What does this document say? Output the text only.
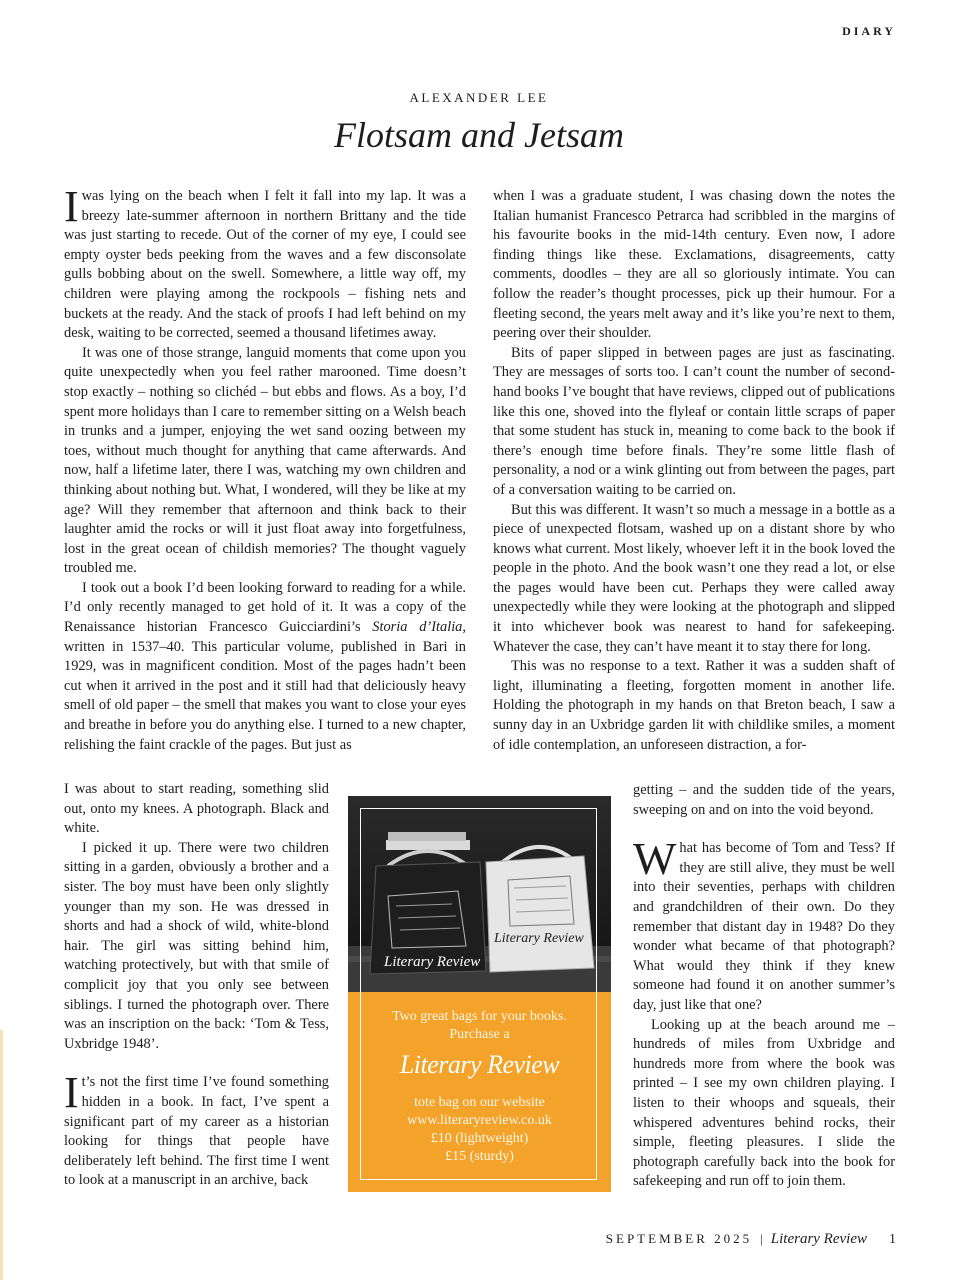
DIARY
ALEXANDER LEE
Flotsam and Jetsam

Iwas lying on the beach when I felt it fall into my lap. It was a breezy late-summer afternoon in northern Brittany and the tide was just starting to recede. Out of the corner of my eye, I could see empty oyster beds peeking from the waves and a few disconsolate gulls bobbing about on the swell. Somewhere, a little way off, my children were playing among the rockpools – fishing nets and buckets at the ready. And the stack of proofs I had left behind on my desk, waiting to be corrected, seemed a thousand lifetimes away.

It was one of those strange, languid moments that come upon you quite unexpectedly when you feel rather marooned. Time doesn’t stop exactly – nothing so clichéd – but ebbs and flows. As a boy, I’d spent more holidays than I care to remember sitting on a Welsh beach in trunks and a jumper, enjoying the wet sand oozing between my toes, without much thought for anything that came afterwards. And now, half a lifetime later, there I was, watching my own children and thinking about nothing but. What, I wondered, will they be like at my age? Will they remember that afternoon and think back to their laughter amid the rocks or will it just float away into forgetfulness, lost in the great ocean of childish memories? The thought vaguely troubled me.

I took out a book I’d been looking forward to reading for a while. I’d only recently managed to get hold of it. It was a copy of the Renaissance historian Francesco Guicciardini’s Storia d’Italia, written in 1537–40. This particular volume, published in Bari in 1929, was in magnificent condition. Most of the pages hadn’t been cut when it arrived in the post and it still had that deliciously heavy smell of old paper – the smell that makes you want to close your eyes and breathe in before you do anything else. I turned to a new chapter, relishing the faint crackle of the pages. But just as

I was about to start reading, something slid out, onto my knees. A photograph. Black and white.

I picked it up. There were two children sitting in a garden, obviously a brother and a sister. The boy must have been only slightly younger than my son. He was dressed in shorts and had a shock of wild, white-blond hair. The girl was sitting behind him, watching protectively, but with that smile of complicit joy that you only see between siblings. I turned the photograph over. There was an inscription on the back: ‘Tom & Tess, Uxbridge 1948’.

It’s not the first time I’ve found something hidden in a book. In fact, I’ve spent a significant part of my career as a historian looking for things that people have deliberately left behind. The first time I went to look at a manuscript in an archive, back

when I was a graduate student, I was chasing down the notes the Italian humanist Francesco Petrarca had scribbled in the margins of his favourite books in the mid-14th century. Even now, I adore finding things like these. Exclamations, disagreements, catty comments, doodles – they are all so gloriously intimate. You can follow the reader’s thought processes, pick up their humour. For a fleeting second, the years melt away and it’s like you’re next to them, peering over their shoulder.

Bits of paper slipped in between pages are just as fascinating. They are messages of sorts too. I can’t count the number of second-hand books I’ve bought that have reviews, clipped out of publications like this one, shoved into the flyleaf or contain little scraps of paper that some student has stuck in, meaning to come back to the book if there’s enough time before finals. They’re some little flash of personality, a nod or a wink glinting out from between the pages, part of a conversation waiting to be carried on.

But this was different. It wasn’t so much a message in a bottle as a piece of unexpected flotsam, washed up on a distant shore by who knows what current. Most likely, whoever left it in the book loved the people in the photo. And the book wasn’t one they read a lot, or else the pages would have been cut. Perhaps they were called away unexpectedly while they were looking at the photograph and slipped it into whichever book was nearest to hand for safekeeping. Whatever the case, they can’t have meant it to stay there for long.

This was no response to a text. Rather it was a sudden shaft of light, illuminating a fleeting, forgotten moment in another life. Holding the photograph in my hands on that Breton beach, I saw a sunny day in an Uxbridge garden lit with childlike smiles, a moment of idle contemplation, an unforeseen distraction, a for-

getting – and the sudden tide of the years, sweeping on and on into the void beyond.

What has become of Tom and Tess? If they are still alive, they must be well into their seventies, perhaps with children and grandchildren of their own. Do they remember that distant day in 1948? Do they wonder what became of that photograph? What would they think if they knew someone had found it on another summer’s day, just like that one?

Looking up at the beach around me – hundreds of miles from Uxbridge and hundreds more from where the book was printed – I see my own children playing. I listen to their whoops and squeals, their whispered adventures behind rocks, their simple, fleeting pleasures. I slide the photograph carefully back into the book for safekeeping and run off to join them.

Literary Review
Literary Review
Two great bags for your books. Purchase a
Literary Review
tote bag on our website
www.literaryreview.co.uk
£10 (lightweight)
£15 (sturdy)
SEPTEMBER 2025 | Literary Review 1
